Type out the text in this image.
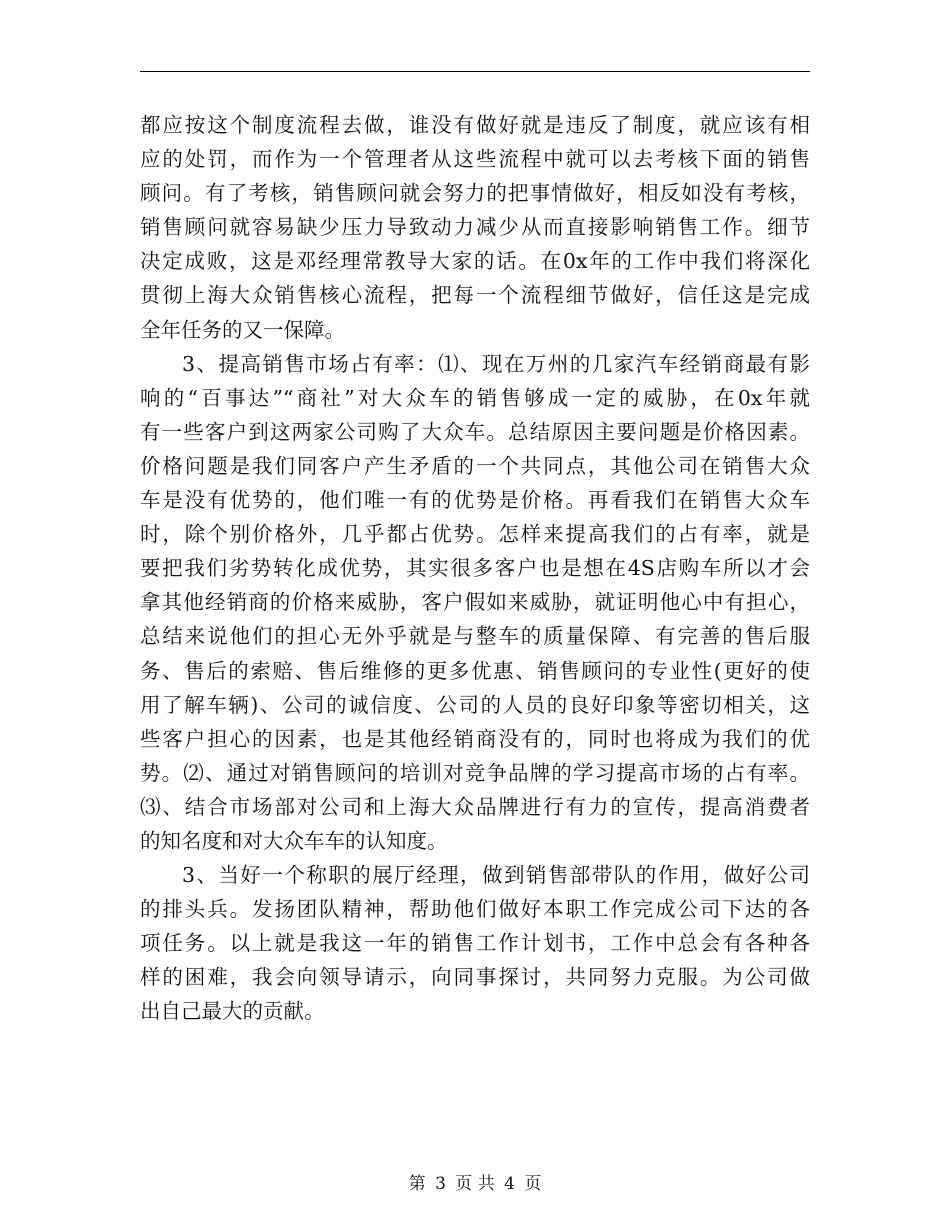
都应按这个制度流程去做，谁没有做好就是违反了制度，就应该有相
应的处罚，而作为一个管理者从这些流程中就可以去考核下面的销售
顾问。有了考核，销售顾问就会努力的把事情做好，相反如没有考核，
销售顾问就容易缺少压力导致动力减少从而直接影响销售工作。细节
决定成败，这是邓经理常教导大家的话。在0x年的工作中我们将深化
贯彻上海大众销售核心流程，把每一个流程细节做好，信任这是完成
全年任务的又一保障。
3、提高销售市场占有率：⑴、现在万州的几家汽车经销商最有影
响的“百事达”“商社”对大众车的销售够成一定的威胁，在0x年就
有一些客户到这两家公司购了大众车。总结原因主要问题是价格因素。
价格问题是我们同客户产生矛盾的一个共同点，其他公司在销售大众
车是没有优势的，他们唯一有的优势是价格。再看我们在销售大众车
时，除个别价格外，几乎都占优势。怎样来提高我们的占有率，就是
要把我们劣势转化成优势，其实很多客户也是想在4S店购车所以才会
拿其他经销商的价格来威胁，客户假如来威胁，就证明他心中有担心，
总结来说他们的担心无外乎就是与整车的质量保障、有完善的售后服
务、售后的索赔、售后维修的更多优惠、销售顾问的专业性(更好的使
用了解车辆)、公司的诚信度、公司的人员的良好印象等密切相关，这
些客户担心的因素，也是其他经销商没有的，同时也将成为我们的优
势。⑵、通过对销售顾问的培训对竞争品牌的学习提高市场的占有率。
⑶、结合市场部对公司和上海大众品牌进行有力的宣传，提高消费者
的知名度和对大众车车的认知度。
3、当好一个称职的展厅经理，做到销售部带队的作用，做好公司
的排头兵。发扬团队精神，帮助他们做好本职工作完成公司下达的各
项任务。以上就是我这一年的销售工作计划书，工作中总会有各种各
样的困难，我会向领导请示，向同事探讨，共同努力克服。为公司做
出自己最大的贡献。
第 3 页 共 4 页
